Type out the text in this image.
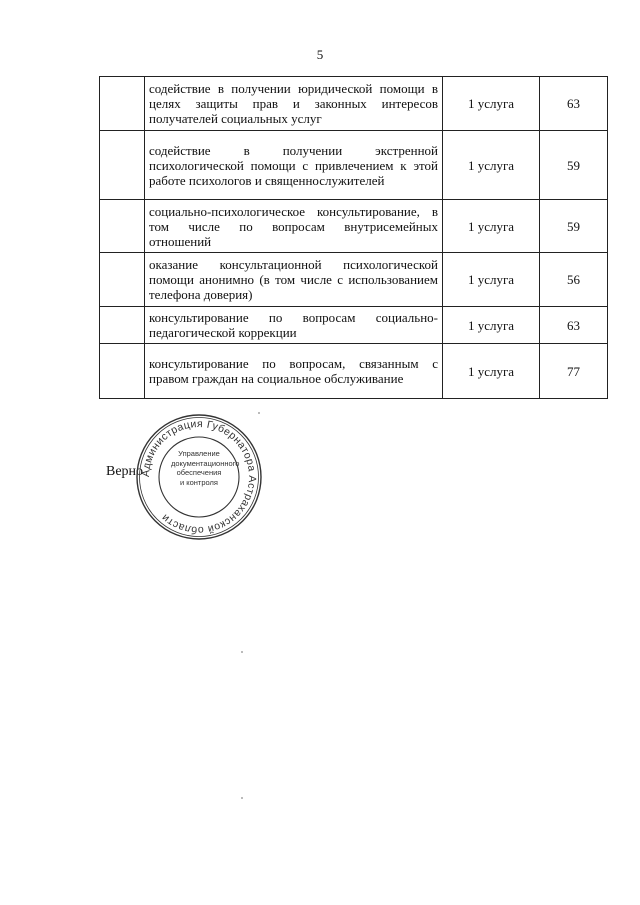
5
	содействие в получении юридической помощи в целях защиты прав и законных интересов получателей социальных услуг	1 услуга	63
	содействие в получении экстренной психологической помощи с привлечением к этой работе психологов и священнослужителей	1 услуга	59
	социально-психологическое консультирование, в том числе по вопросам внутрисемейных отношений	1 услуга	59
	оказание консультационной психологической помощи анонимно (в том числе с использованием телефона доверия)	1 услуга	56
	консультирование по вопросам социально-педагогической коррекции	1 услуга	63
	консультирование по вопросам, связанным с правом граждан на социальное обслуживание	1 услуга	77
Верно
Администрация Губернатора Астраханской области
Управление
документационного
обеспечения
и контроля
